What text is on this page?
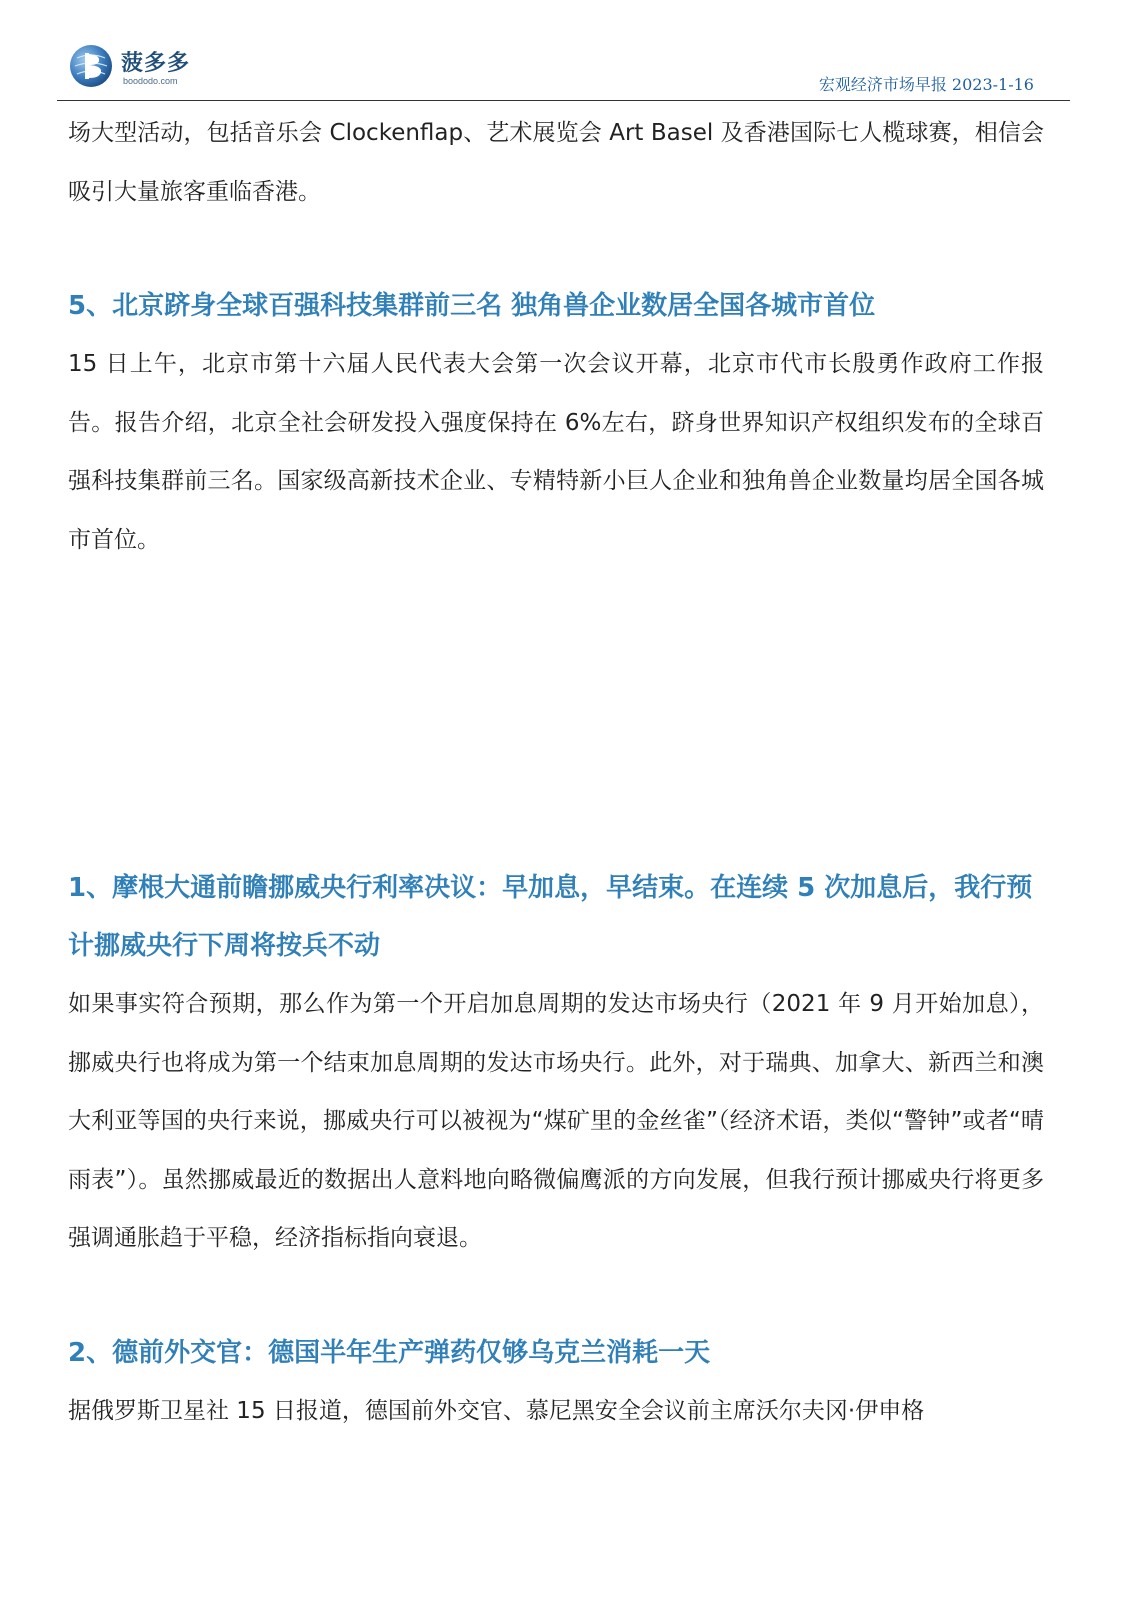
菠多多
boododo.com	宏观经济市场早报 2023-1-16

场大型活动，包括音乐会 Clockenflap、艺术展览会 Art Basel 及香港国际七人榄球赛，相信会吸引大量旅客重临香港。

5、北京跻身全球百强科技集群前三名 独角兽企业数居全国各城市首位

15 日上午，北京市第十六届人民代表大会第一次会议开幕，北京市代市长殷勇作政府工作报告。报告介绍，北京全社会研发投入强度保持在 6%左右，跻身世界知识产权组织发布的全球百强科技集群前三名。国家级高新技术企业、专精特新小巨人企业和独角兽企业数量均居全国各城市首位。

1、摩根大通前瞻挪威央行利率决议：早加息，早结束。在连续 5 次加息后，我行预计挪威央行下周将按兵不动

如果事实符合预期，那么作为第一个开启加息周期的发达市场央行（2021 年 9 月开始加息），挪威央行也将成为第一个结束加息周期的发达市场央行。此外，对于瑞典、加拿大、新西兰和澳大利亚等国的央行来说，挪威央行可以被视为“煤矿里的金丝雀”（经济术语，类似“警钟”或者“晴雨表”）。虽然挪威最近的数据出人意料地向略微偏鹰派的方向发展，但我行预计挪威央行将更多强调通胀趋于平稳，经济指标指向衰退。

2、德前外交官：德国半年生产弹药仅够乌克兰消耗一天

据俄罗斯卫星社 15 日报道，德国前外交官、慕尼黑安全会议前主席沃尔夫冈·伊申格
